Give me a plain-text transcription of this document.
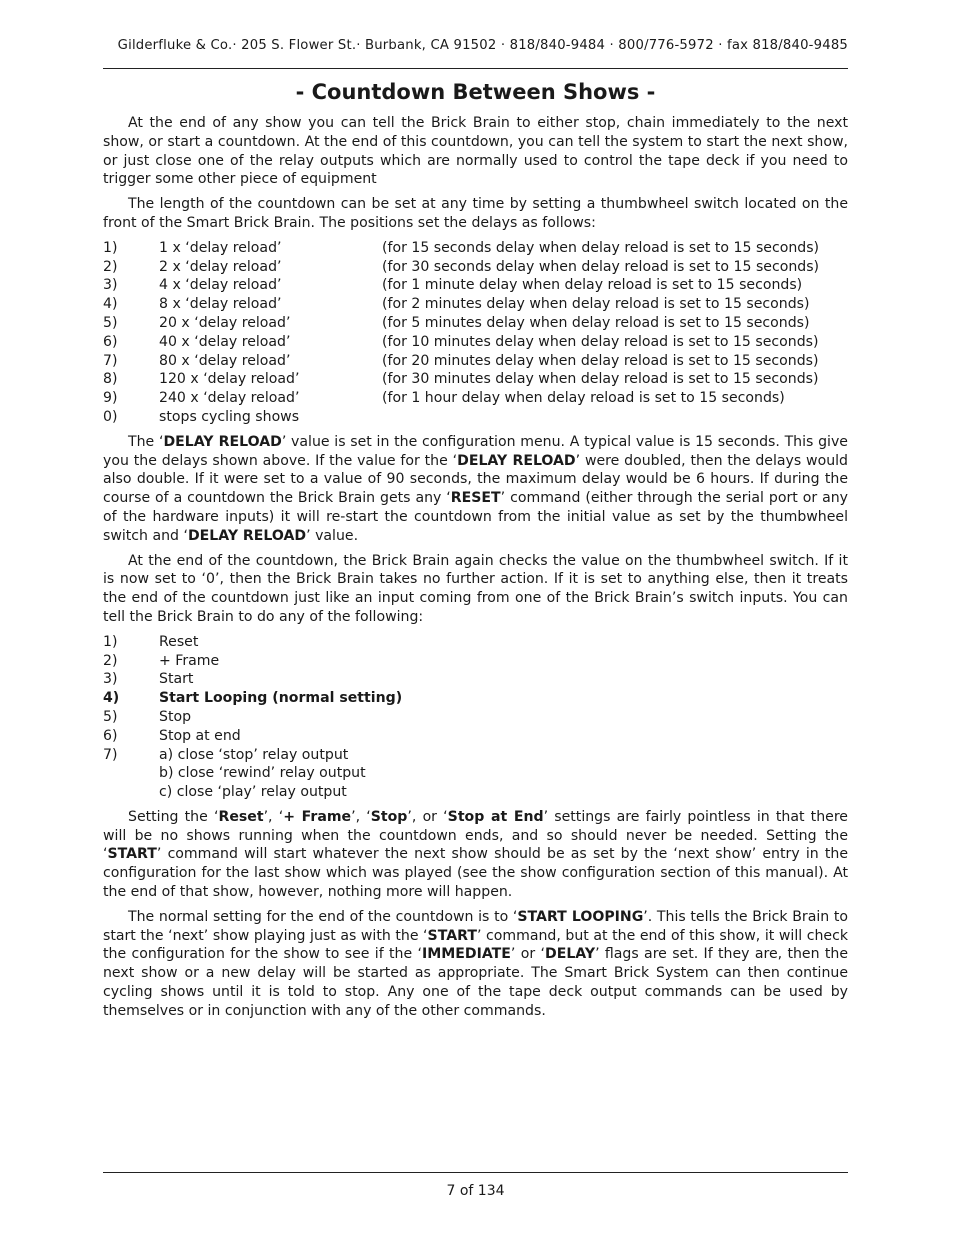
Gilderfluke & Co.· 205 S. Flower St.· Burbank, CA 91502 · 818/840-9484 · 800/776-5972 · fax 818/840-9485
- Countdown Between Shows -

At the end of any show you can tell the Brick Brain to either stop, chain immediately to the next show, or start a countdown. At the end of this countdown, you can tell the system to start the next show, or just close one of the relay outputs which are normally used to control the tape deck if you need to trigger some other piece of equipment

The length of the countdown can be set at any time by setting a thumbwheel switch located on the front of the Smart Brick Brain. The positions set the delays as follows:

1)	1 x ‘delay reload’	(for 15 seconds delay when delay reload is set to 15 seconds)
2)	2 x ‘delay reload’	(for 30 seconds delay when delay reload is set to 15 seconds)
3)	4 x ‘delay reload’	(for 1 minute delay when delay reload is set to 15 seconds)
4)	8 x ‘delay reload’	(for 2 minutes delay when delay reload is set to 15 seconds)
5)	20 x ‘delay reload’	(for 5 minutes delay when delay reload is set to 15 seconds)
6)	40 x ‘delay reload’	(for 10 minutes delay when delay reload is set to 15 seconds)
7)	80 x ‘delay reload’	(for 20 minutes delay when delay reload is set to 15 seconds)
8)	120 x ‘delay reload’	(for 30 minutes delay when delay reload is set to 15 seconds)
9)	240 x ‘delay reload’	(for 1 hour delay when delay reload is set to 15 seconds)
0)	stops cycling shows

The ‘DELAY RELOAD’ value is set in the configuration menu. A typical value is 15 seconds. This give you the delays shown above. If the value for the ‘DELAY RELOAD’ were doubled, then the delays would also double. If it were set to a value of 90 seconds, the maximum delay would be 6 hours. If during the course of a countdown the Brick Brain gets any ‘RESET’ command (either through the serial port or any of the hardware inputs) it will re-start the countdown from the initial value as set by the thumbwheel switch and ‘DELAY RELOAD’ value.

At the end of the countdown, the Brick Brain again checks the value on the thumbwheel switch. If it is now set to ‘0’, then the Brick Brain takes no further action. If it is set to anything else, then it treats the end of the countdown just like an input coming from one of the Brick Brain’s switch inputs. You can tell the Brick Brain to do any of the following:

1)	Reset
2)	+ Frame
3)	Start
4)	Start Looping (normal setting)
5)	Stop
6)	Stop at end
7)	a) close ‘stop’ relay output
b) close ‘rewind’ relay output
c) close ‘play’ relay output

Setting the ‘Reset’, ‘+ Frame’, ‘Stop’, or ‘Stop at End’ settings are fairly pointless in that there will be no shows running when the countdown ends, and so should never be needed. Setting the ‘START’ command will start whatever the next show should be as set by the ‘next show’ entry in the configuration for the last show which was played (see the show configuration section of this manual). At the end of that show, however, nothing more will happen.

The normal setting for the end of the countdown is to ‘START LOOPING’. This tells the Brick Brain to start the ‘next’ show playing just as with the ‘START’ command, but at the end of this show, it will check the configuration for the show to see if the ‘IMMEDIATE’ or ‘DELAY’ flags are set. If they are, then the next show or a new delay will be started as appropriate. The Smart Brick System can then continue cycling shows until it is told to stop. Any one of the tape deck output commands can be used by themselves or in conjunction with any of the other commands.

7 of 134
